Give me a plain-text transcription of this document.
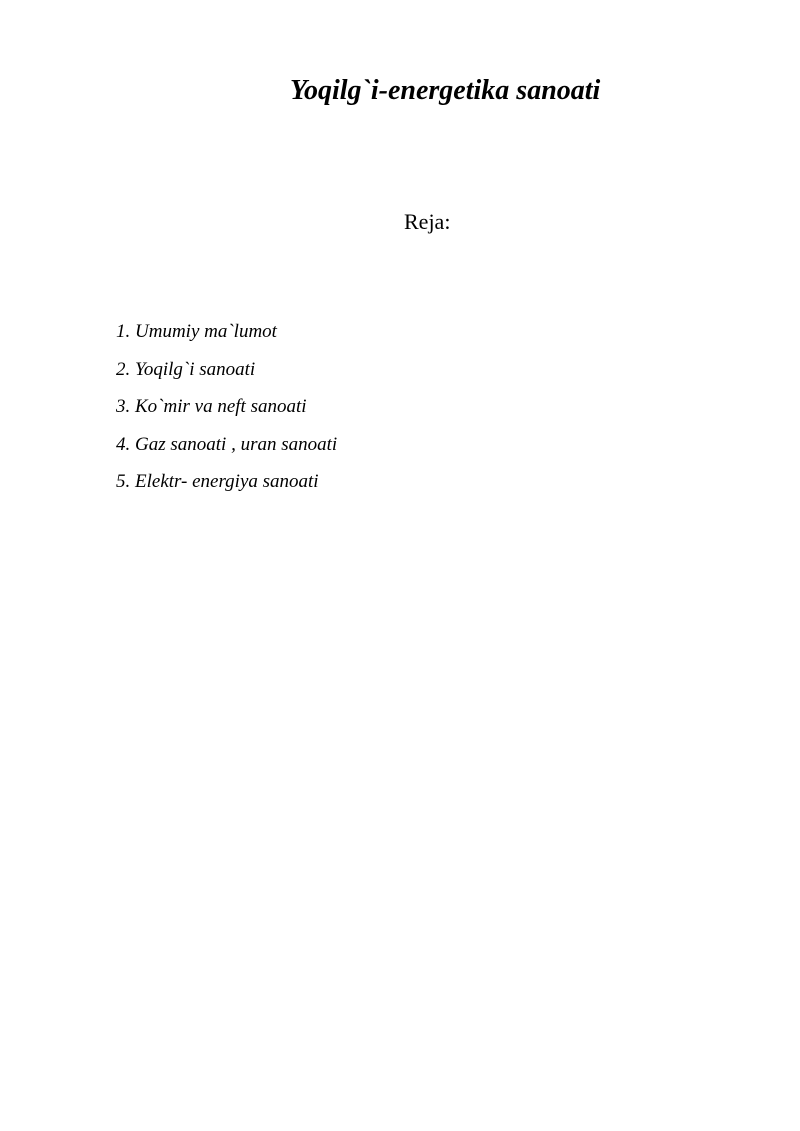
Yoqilg`i-energetika sanoati
Reja:
1. Umumiy ma`lumot
2. Yoqilg`i sanoati
3. Ko`mir va neft sanoati
4. Gaz sanoati , uran sanoati
5. Elektr- energiya sanoati
